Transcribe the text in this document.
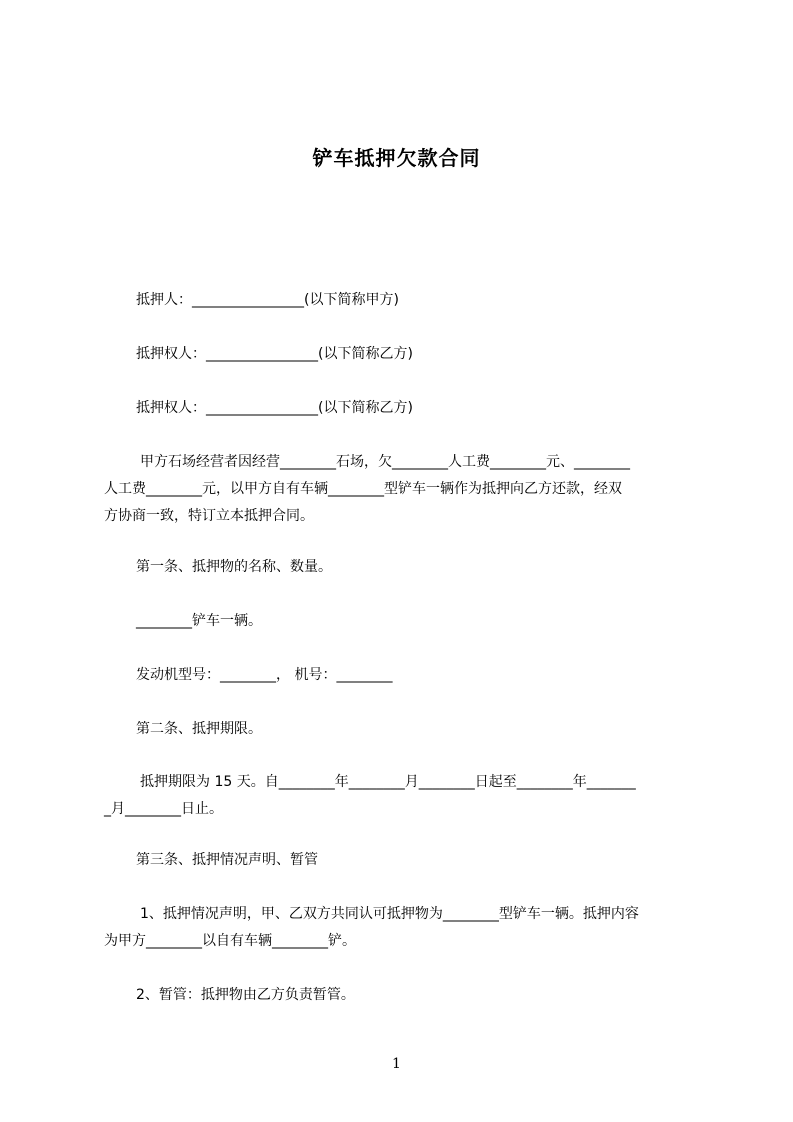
铲车抵押欠款合同
抵押人：________________(以下简称甲方)
抵押权人：________________(以下简称乙方)
抵押权人：________________(以下简称乙方)
甲方石场经营者因经营________石场，欠________人工费________元、________
人工费________元，以甲方自有车辆________型铲车一辆作为抵押向乙方还款，经双
方协商一致，特订立本抵押合同。
第一条、抵押物的名称、数量。
________铲车一辆。
发动机型号：________， 机号：________
第二条、抵押期限。
抵押期限为 15 天。自________年________月________日起至________年_______
_月________日止。
第三条、抵押情况声明、暂管
1、抵押情况声明，甲、乙双方共同认可抵押物为________型铲车一辆。抵押内容
为甲方________以自有车辆________铲。
2、暂管：抵押物由乙方负责暂管。
1
